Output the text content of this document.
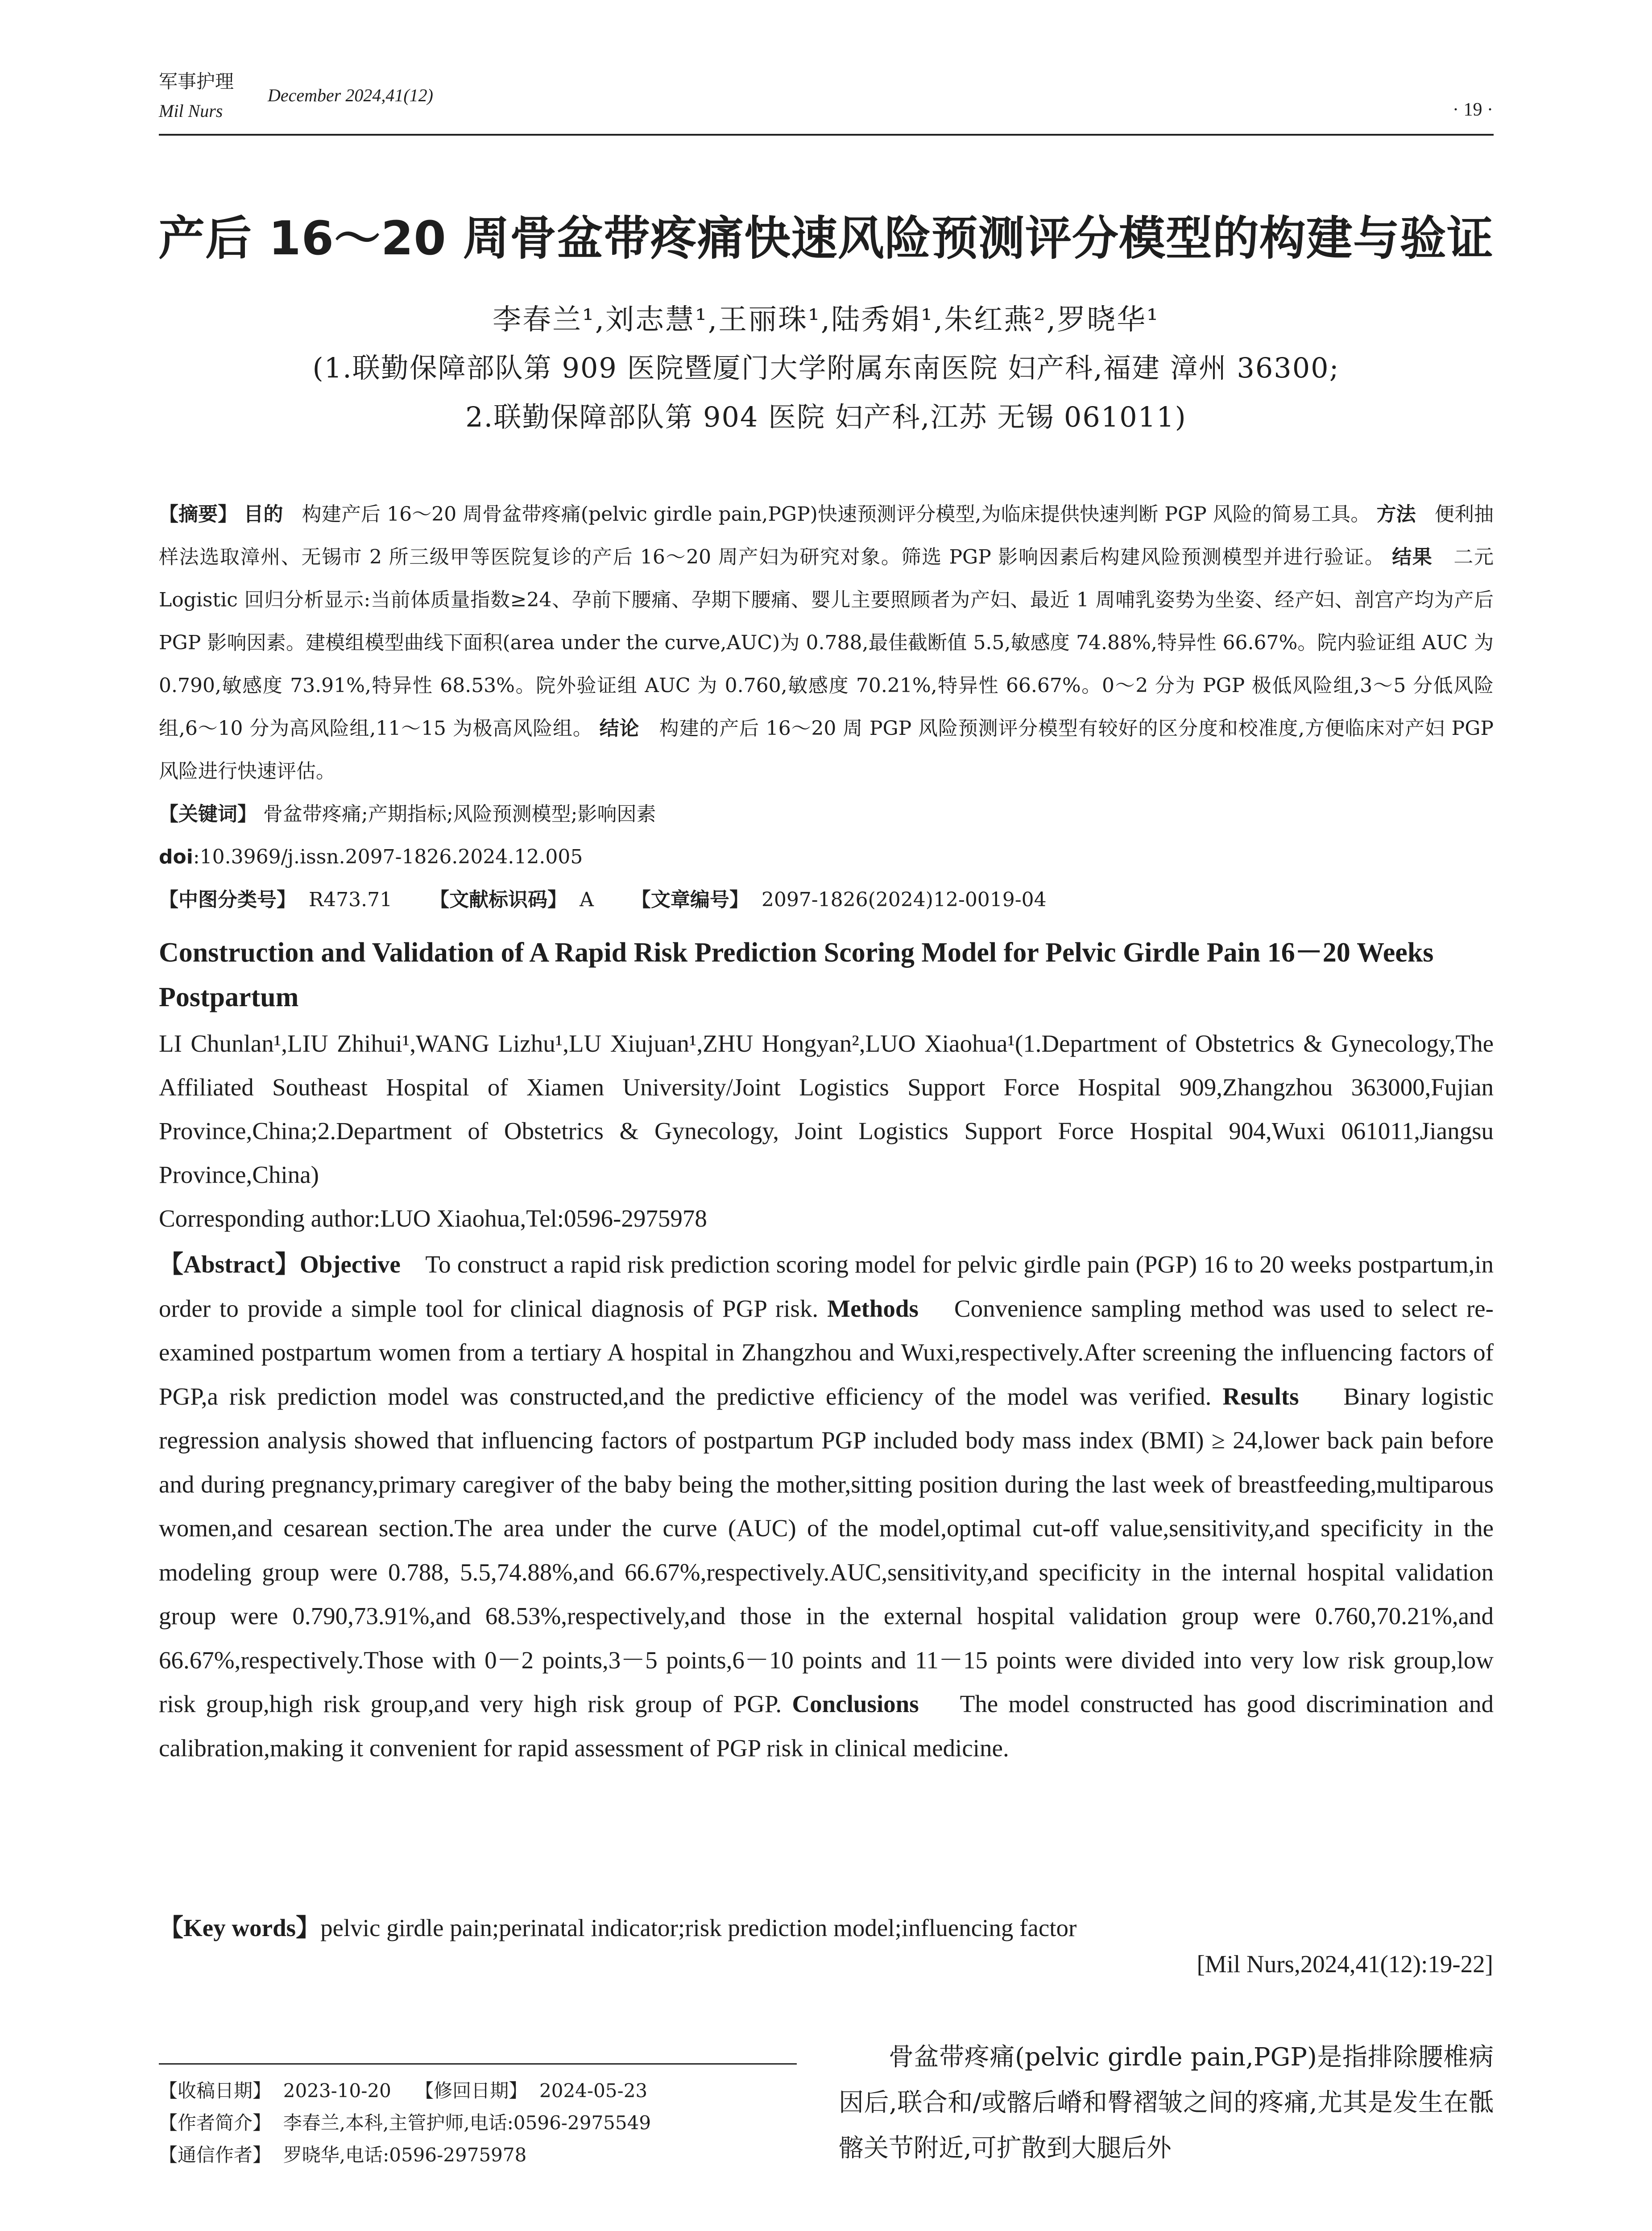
军事护理
Mil Nurs
December 2024,41(12)
· 19 ·
产后 16～20 周骨盆带疼痛快速风险预测评分模型的构建与验证
李春兰¹,刘志慧¹,王丽珠¹,陆秀娟¹,朱红燕²,罗晓华¹
(1.联勤保障部队第 909 医院暨厦门大学附属东南医院 妇产科,福建 漳州 36300;
2.联勤保障部队第 904 医院 妇产科,江苏 无锡 061011)

【摘要】 目的 构建产后 16～20 周骨盆带疼痛(pelvic girdle pain,PGP)快速预测评分模型,为临床提供快速判断 PGP 风险的简易工具。 方法 便利抽样法选取漳州、无锡市 2 所三级甲等医院复诊的产后 16～20 周产妇为研究对象。筛选 PGP 影响因素后构建风险预测模型并进行验证。 结果 二元 Logistic 回归分析显示:当前体质量指数≥24、孕前下腰痛、孕期下腰痛、婴儿主要照顾者为产妇、最近 1 周哺乳姿势为坐姿、经产妇、剖宫产均为产后 PGP 影响因素。建模组模型曲线下面积(area under the curve,AUC)为 0.788,最佳截断值 5.5,敏感度 74.88%,特异性 66.67%。院内验证组 AUC 为 0.790,敏感度 73.91%,特异性 68.53%。院外验证组 AUC 为 0.760,敏感度 70.21%,特异性 66.67%。0～2 分为 PGP 极低风险组,3～5 分低风险组,6～10 分为高风险组,11～15 为极高风险组。 结论 构建的产后 16～20 周 PGP 风险预测评分模型有较好的区分度和校准度,方便临床对产妇 PGP 风险进行快速评估。

【关键词】 骨盆带疼痛;产期指标;风险预测模型;影响因素

doi:10.3969/j.issn.2097-1826.2024.12.005

【中图分类号】 R473.71 【文献标识码】 A 【文章编号】 2097-1826(2024)12-0019-04

Construction and Validation of A Rapid Risk Prediction Scoring Model for Pelvic Girdle Pain 16－20 Weeks Postpartum
LI Chunlan¹,LIU Zhihui¹,WANG Lizhu¹,LU Xiujuan¹,ZHU Hongyan²,LUO Xiaohua¹(1.Department of Obstetrics & Gynecology,The Affiliated Southeast Hospital of Xiamen University/Joint Logistics Support Force Hospital 909,Zhangzhou 363000,Fujian Province,China;2.Department of Obstetrics & Gynecology, Joint Logistics Support Force Hospital 904,Wuxi 061011,Jiangsu Province,China)
Corresponding author:LUO Xiaohua,Tel:0596-2975978

【Abstract】Objective To construct a rapid risk prediction scoring model for pelvic girdle pain (PGP) 16 to 20 weeks postpartum,in order to provide a simple tool for clinical diagnosis of PGP risk. Methods Convenience sampling method was used to select re-examined postpartum women from a tertiary A hospital in Zhangzhou and Wuxi,respectively.After screening the influencing factors of PGP,a risk prediction model was constructed,and the predictive efficiency of the model was verified. Results Binary logistic regression analysis showed that influencing factors of postpartum PGP included body mass index (BMI) ≥ 24,lower back pain before and during pregnancy,primary caregiver of the baby being the mother,sitting position during the last week of breastfeeding,multiparous women,and cesarean section.The area under the curve (AUC) of the model,optimal cut-off value,sensitivity,and specificity in the modeling group were 0.788, 5.5,74.88%,and 66.67%,respectively.AUC,sensitivity,and specificity in the internal hospital validation group were 0.790,73.91%,and 68.53%,respectively,and those in the external hospital validation group were 0.760,70.21%,and 66.67%,respectively.Those with 0－2 points,3－5 points,6－10 points and 11－15 points were divided into very low risk group,low risk group,high risk group,and very high risk group of PGP. Conclusions The model constructed has good discrimination and calibration,making it convenient for rapid assessment of PGP risk in clinical medicine.

【Key words】pelvic girdle pain;perinatal indicator;risk prediction model;influencing factor
[Mil Nurs,2024,41(12):19-22]
【收稿日期】 2023-10-20 【修回日期】 2024-05-23
【作者简介】 李春兰,本科,主管护师,电话:0596-2975549
【通信作者】 罗晓华,电话:0596-2975978

骨盆带疼痛(pelvic girdle pain,PGP)是指排除腰椎病因后,联合和/或髂后嵴和臀褶皱之间的疼痛,尤其是发生在骶髂关节附近,可扩散到大腿后外
